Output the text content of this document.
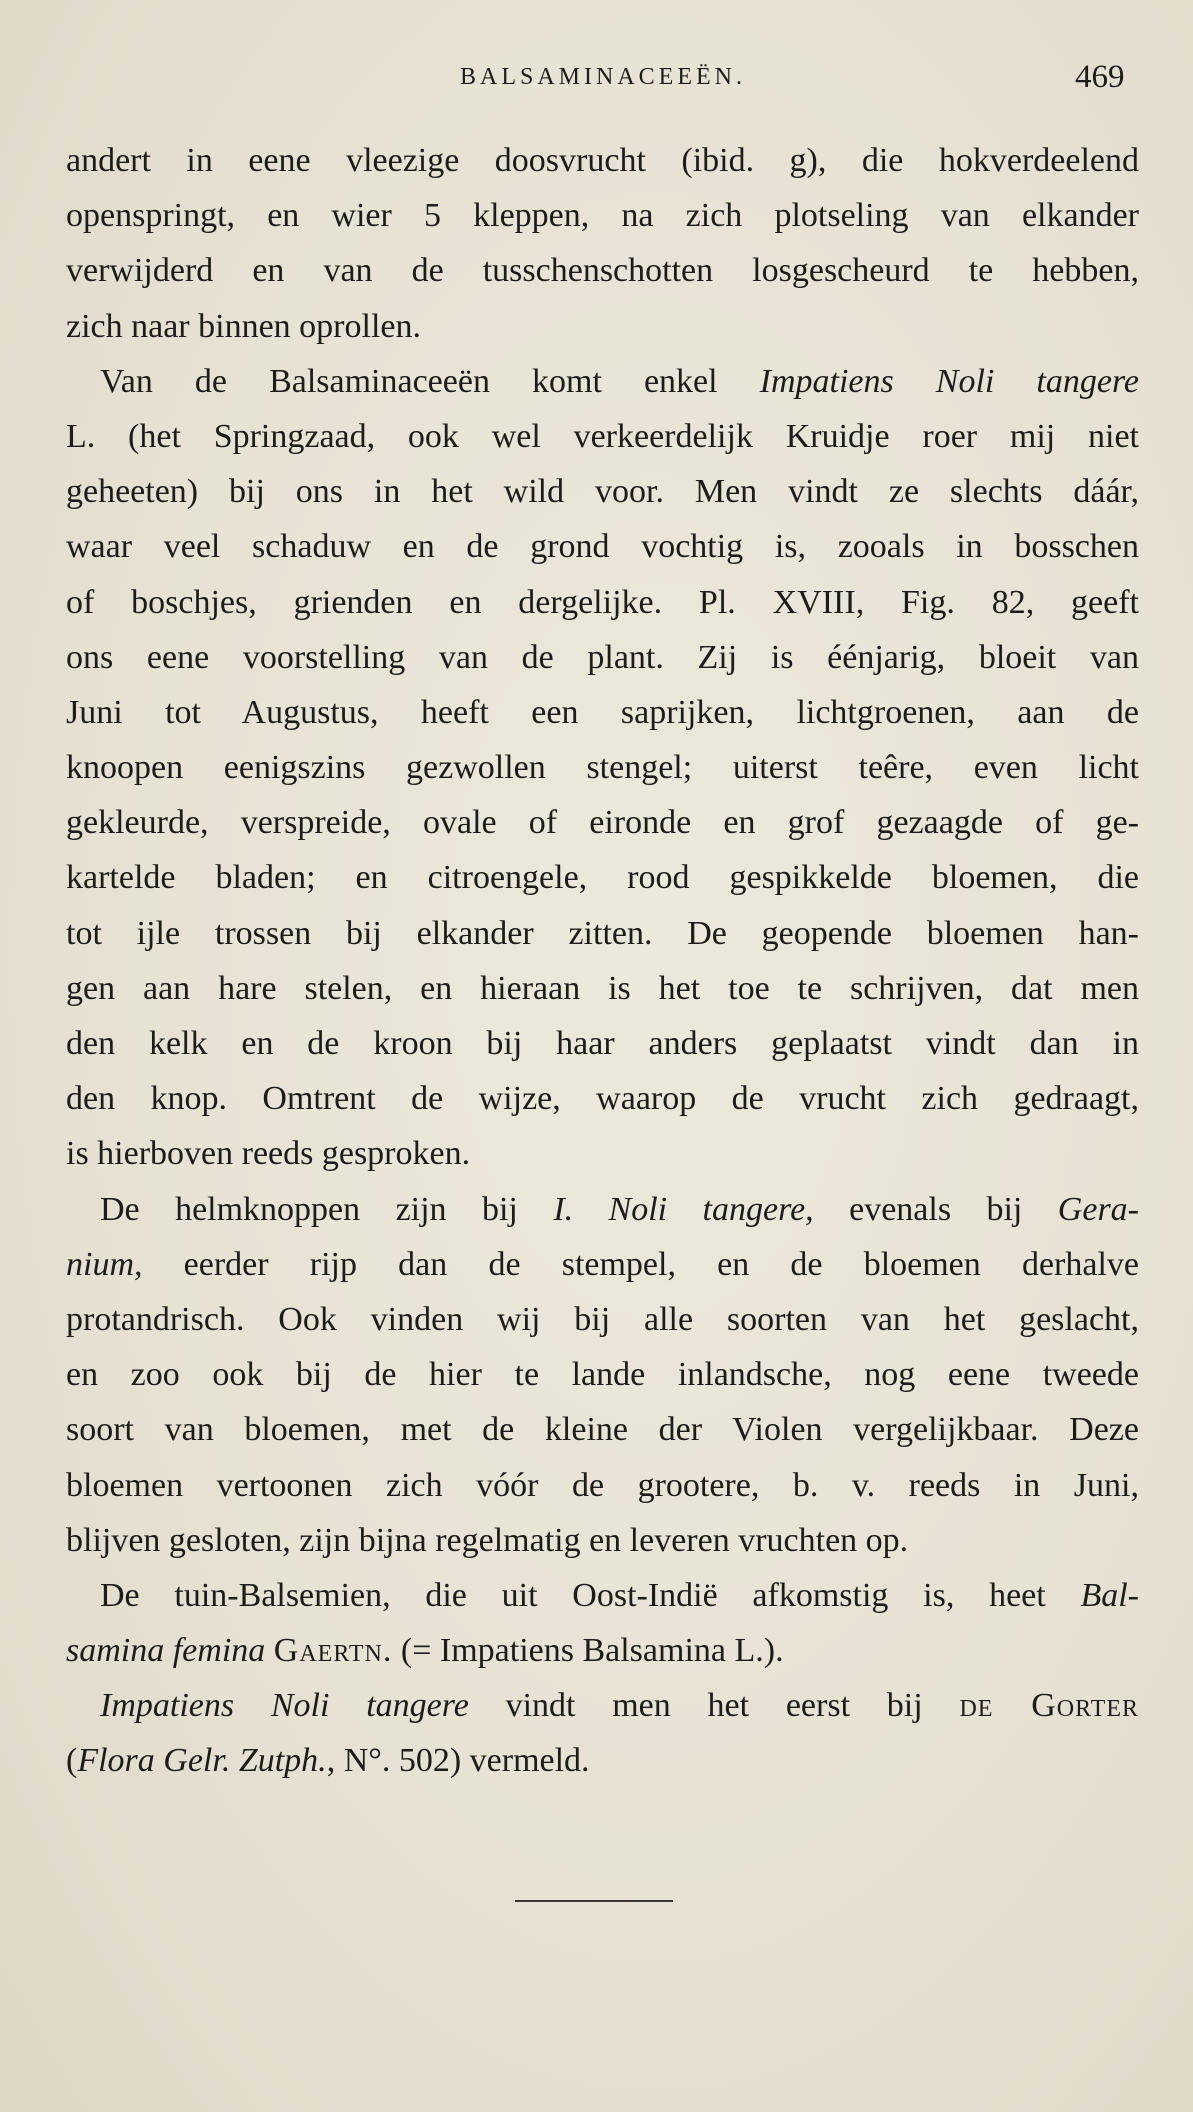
BALSAMINACEEËN.	469
andert in eene vleezige doosvrucht (ibid. g), die hokverdeelend
openspringt, en wier 5 kleppen, na zich plotseling van elkander
verwijderd en van de tusschenschotten losgescheurd te hebben,
zich naar binnen oprollen.
Van de Balsaminaceeën komt enkel Impatiens Noli tangere
L. (het Springzaad, ook wel verkeerdelijk Kruidje roer mij niet
geheeten) bij ons in het wild voor. Men vindt ze slechts dáár,
waar veel schaduw en de grond vochtig is, zooals in bosschen
of boschjes, grienden en dergelijke. Pl. XVIII, Fig. 82, geeft
ons eene voorstelling van de plant. Zij is éénjarig, bloeit van
Juni tot Augustus, heeft een saprijken, lichtgroenen, aan de
knoopen eenigszins gezwollen stengel; uiterst teêre, even licht
gekleurde, verspreide, ovale of eironde en grof gezaagde of ge-
kartelde bladen; en citroengele, rood gespikkelde bloemen, die
tot ijle trossen bij elkander zitten. De geopende bloemen han-
gen aan hare stelen, en hieraan is het toe te schrijven, dat men
den kelk en de kroon bij haar anders geplaatst vindt dan in
den knop. Omtrent de wijze, waarop de vrucht zich gedraagt,
is hierboven reeds gesproken.
De helmknoppen zijn bij I. Noli tangere, evenals bij Gera-
nium, eerder rijp dan de stempel, en de bloemen derhalve
protandrisch. Ook vinden wij bij alle soorten van het geslacht,
en zoo ook bij de hier te lande inlandsche, nog eene tweede
soort van bloemen, met de kleine der Violen vergelijkbaar. Deze
bloemen vertoonen zich vóór de grootere, b. v. reeds in Juni,
blijven gesloten, zijn bijna regelmatig en leveren vruchten op.
De tuin-Balsemien, die uit Oost-Indië afkomstig is, heet Bal-
samina femina Gaertn. (= Impatiens Balsamina L.).
Impatiens Noli tangere vindt men het eerst bij de Gorter
(Flora Gelr. Zutph., N°. 502) vermeld.
